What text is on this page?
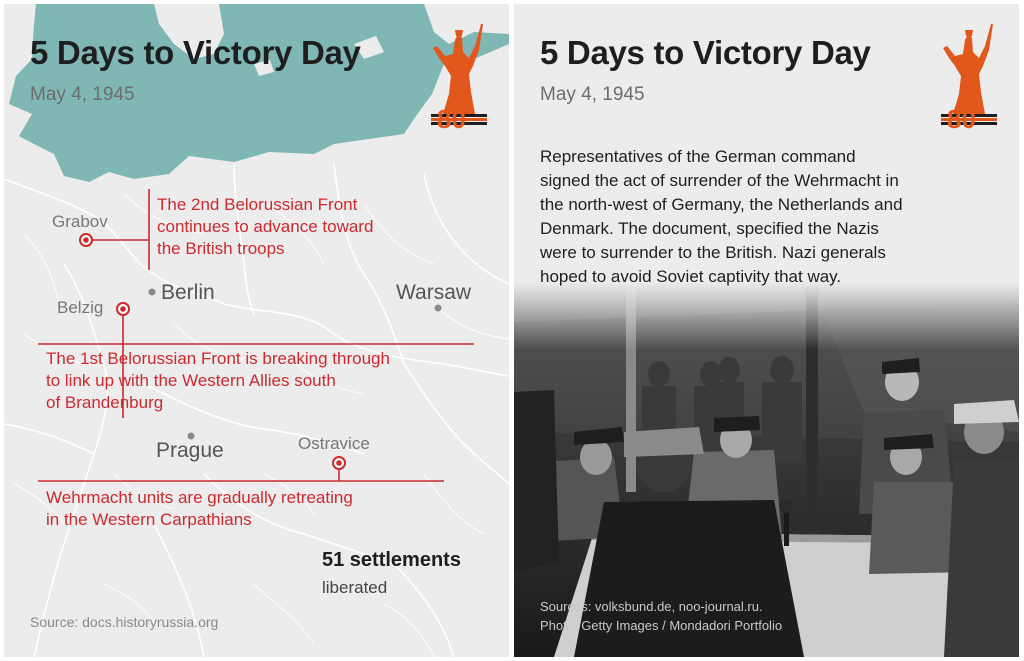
5 Days to Victory Day
May 4, 1945
80
Grabov
Berlin	Warsaw
Belzig
Prague	Ostravice
The 2nd Belorussian Front
continues to advance toward
the British troops
The 1st Belorussian Front is breaking through
to link up with the Western Allies south
of Brandenburg
Wehrmacht units are gradually retreating
in the Western Carpathians
51 settlements
liberated
Source: docs.historyrussia.org
5 Days to Victory Day
May 4, 1945
80
Representatives of the German command
signed the act of surrender of the Wehrmacht in
the north-west of Germany, the Netherlands and
Denmark. The document, specified the Nazis
were to surrender to the British. Nazi generals
hoped to avoid Soviet captivity that way.
Sources: volksbund.de, noo-journal.ru.
Photo: Getty Images / Mondadori Portfolio
